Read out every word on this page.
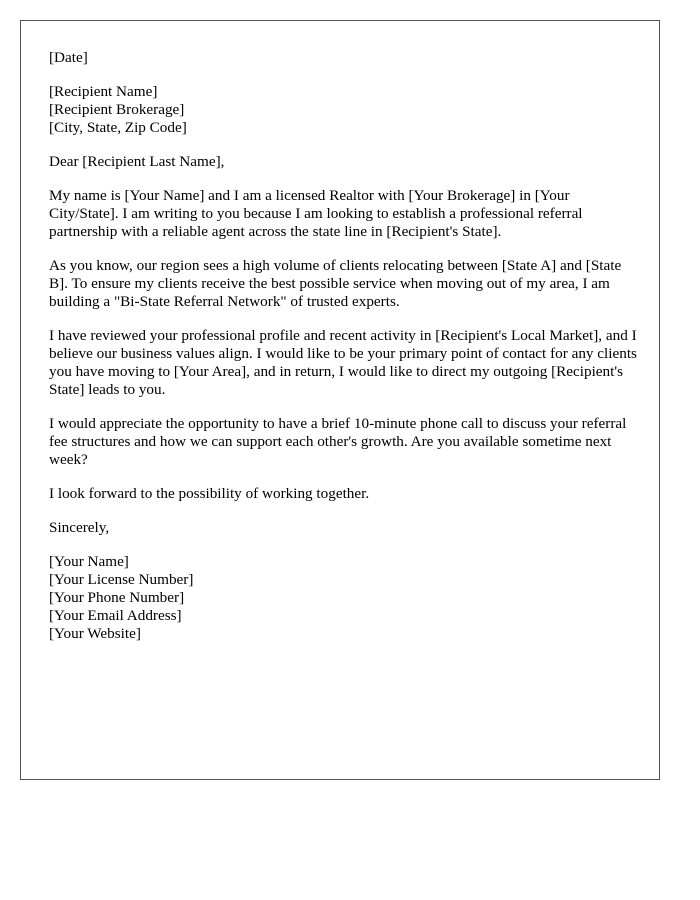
[Date]
[Recipient Name]
[Recipient Brokerage]
[City, State, Zip Code]
Dear [Recipient Last Name],

My name is [Your Name] and I am a licensed Realtor with [Your Brokerage] in [Your City/State]. I am writing to you because I am looking to establish a professional referral partnership with a reliable agent across the state line in [Recipient's State].

As you know, our region sees a high volume of clients relocating between [State A] and [State B]. To ensure my clients receive the best possible service when moving out of my area, I am building a "Bi-State Referral Network" of trusted experts.

I have reviewed your professional profile and recent activity in [Recipient's Local Market], and I believe our business values align. I would like to be your primary point of contact for any clients you have moving to [Your Area], and in return, I would like to direct my outgoing [Recipient's State] leads to you.

I would appreciate the opportunity to have a brief 10-minute phone call to discuss your referral fee structures and how we can support each other's growth. Are you available sometime next week?

I look forward to the possibility of working together.

Sincerely,
[Your Name]
[Your License Number]
[Your Phone Number]
[Your Email Address]
[Your Website]
